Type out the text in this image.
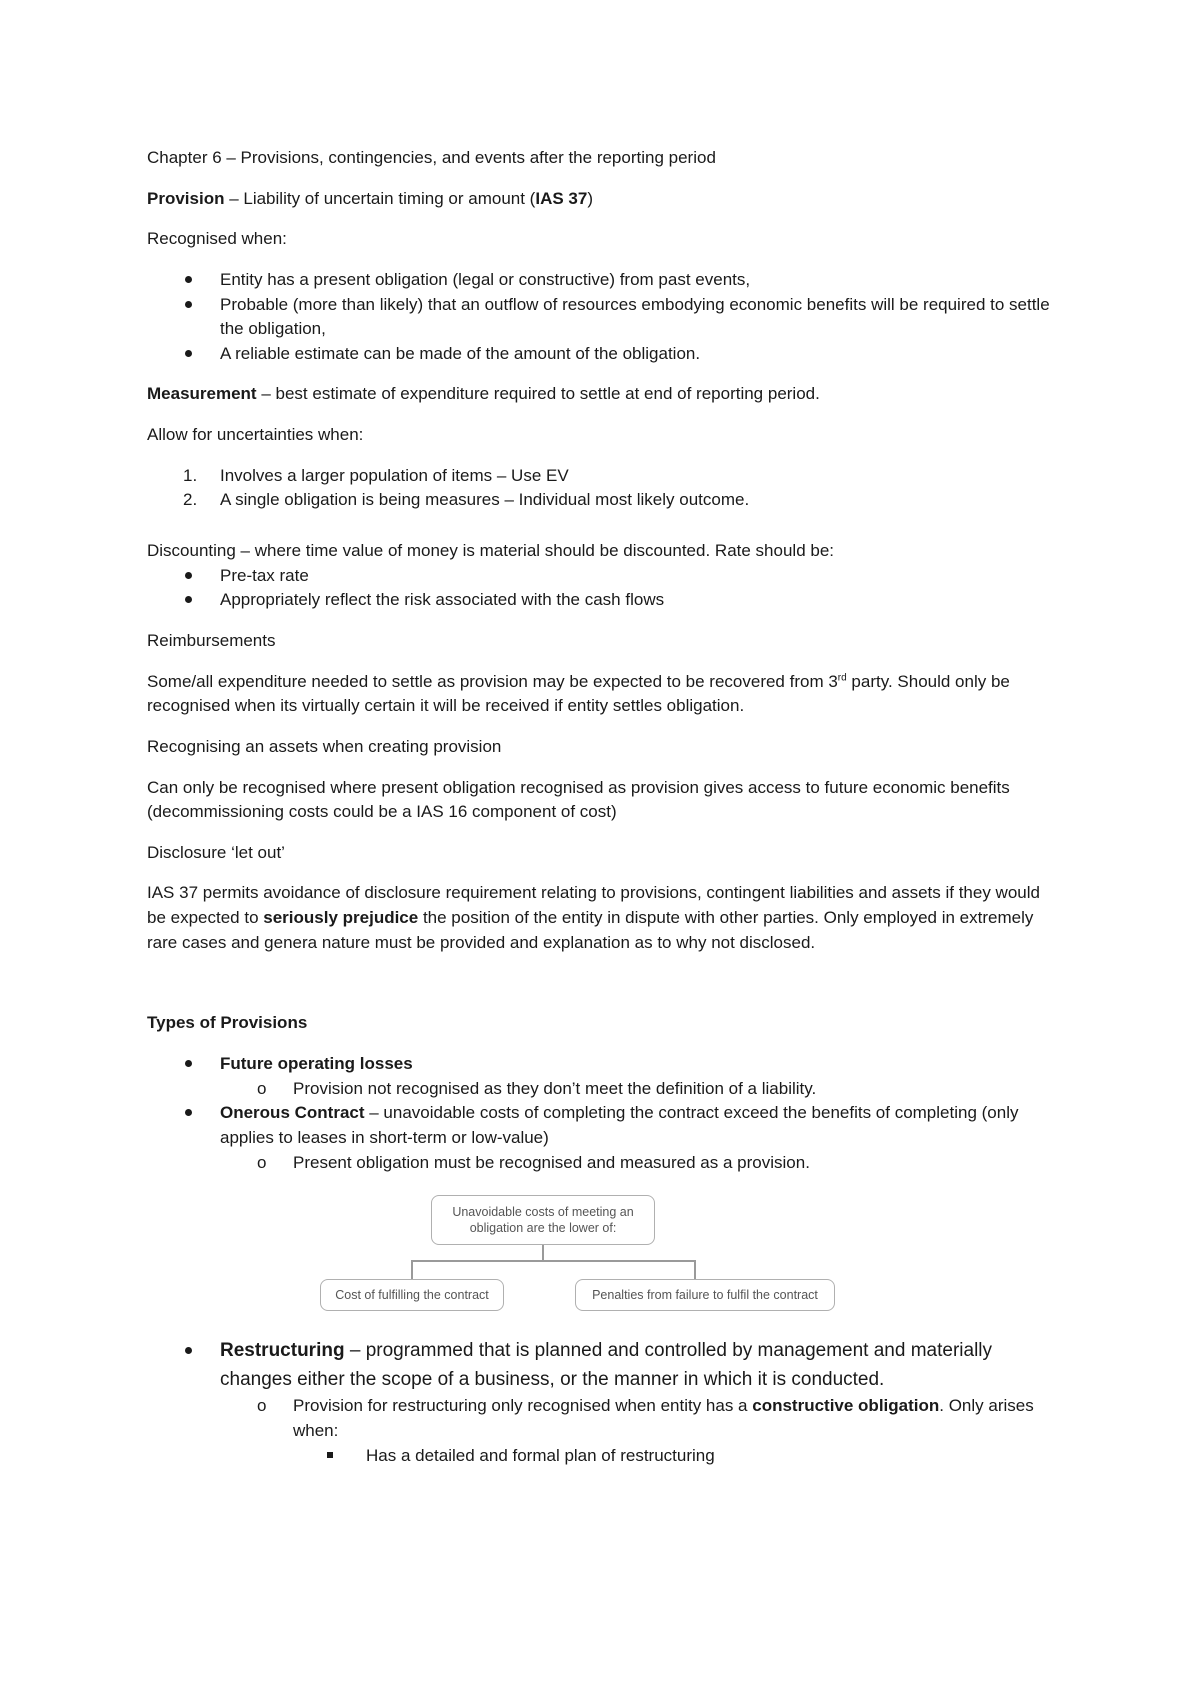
Chapter 6 – Provisions, contingencies, and events after the reporting period

Provision – Liability of uncertain timing or amount (IAS 37)

Recognised when:

Entity has a present obligation (legal or constructive) from past events,
Probable (more than likely) that an outflow of resources embodying economic benefits will be required to settle the obligation,
A reliable estimate can be made of the amount of the obligation.

Measurement – best estimate of expenditure required to settle at end of reporting period.

Allow for uncertainties when:

1.	Involves a larger population of items – Use EV
2.	A single obligation is being measures – Individual most likely outcome.

Discounting – where time value of money is material should be discounted. Rate should be:

Pre-tax rate
Appropriately reflect the risk associated with the cash flows

Reimbursements

Some/all expenditure needed to settle as provision may be expected to be recovered from 3rd party. Should only be recognised when its virtually certain it will be received if entity settles obligation.

Recognising an assets when creating provision

Can only be recognised where present obligation recognised as provision gives access to future economic benefits (decommissioning costs could be a IAS 16 component of cost)

Disclosure ‘let out’

IAS 37 permits avoidance of disclosure requirement relating to provisions, contingent liabilities and assets if they would be expected to seriously prejudice the position of the entity in dispute with other parties. Only employed in extremely rare cases and genera nature must be provided and explanation as to why not disclosed.

Types of Provisions

Future operating losses
o Provision not recognised as they don’t meet the definition of a liability.
Onerous Contract – unavoidable costs of completing the contract exceed the benefits of completing (only applies to leases in short-term or low-value)
o Present obligation must be recognised and measured as a provision.
Unavoidable costs of meeting an obligation are the lower of:
Cost of fulfilling the contract	Penalties from failure to fulfil the contract
Restructuring – programmed that is planned and controlled by management and materially changes either the scope of a business, or the manner in which it is conducted.
o Provision for restructuring only recognised when entity has a constructive obligation. Only arises when:
Has a detailed and formal plan of restructuring
